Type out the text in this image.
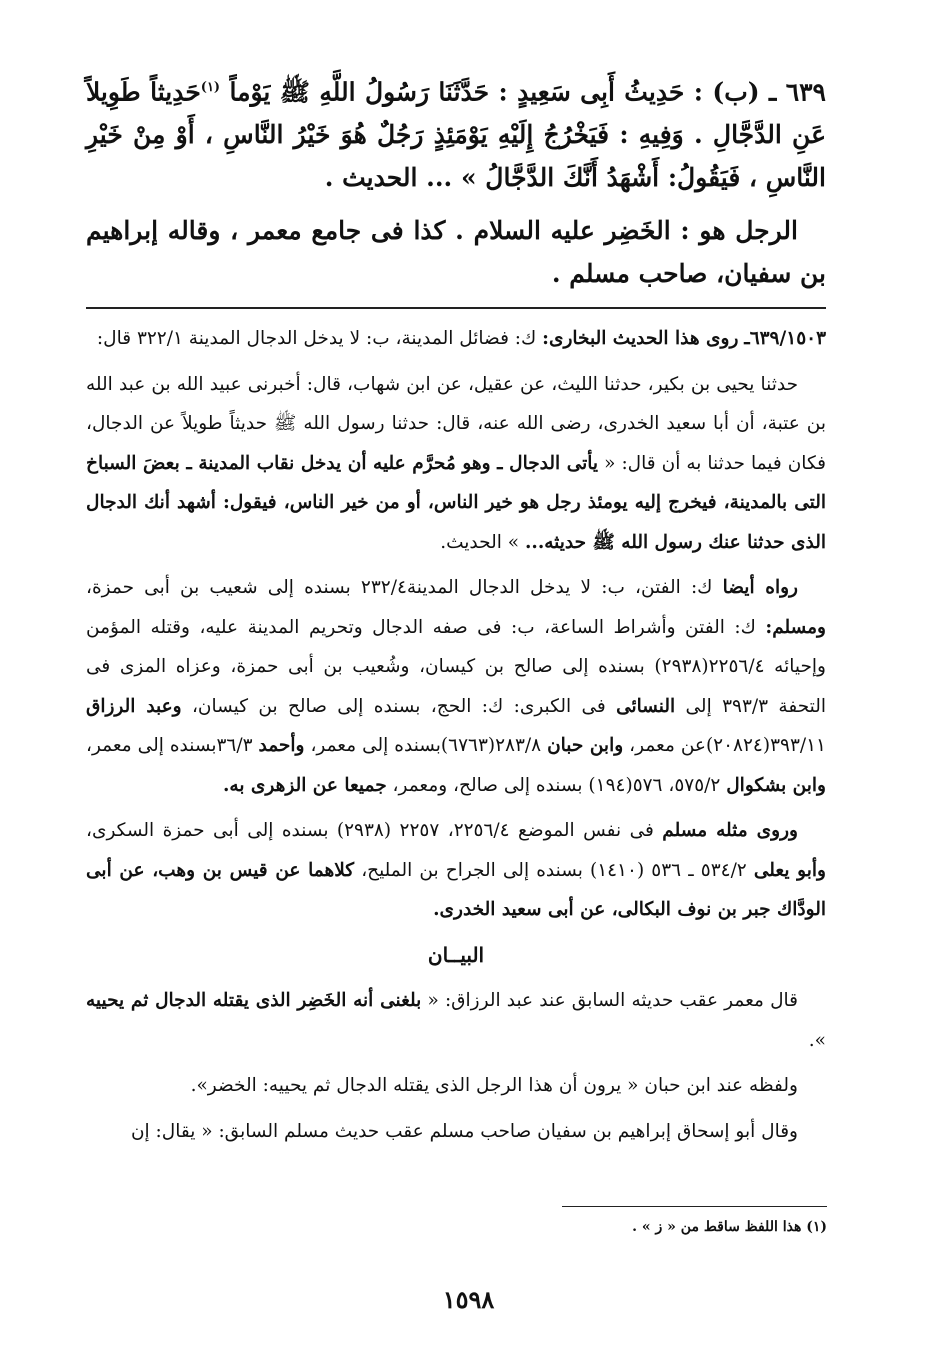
٦٣٩ ـ (ب) : حَدِيثُ أَبِى سَعِيدٍ : حَدَّثَنَا رَسُولُ اللَّهِ ﷺ يَوْماً $^{(١)}$حَدِيثاً طَوِيلاً عَنِ الدَّجَّالِ . وَفِيهِ : فَيَخْرُجُ إِلَيْهِ يَوْمَئِذٍ رَجُلٌ هُوَ خَيْرُ النَّاسِ ، أَوْ مِنْ خَيْرِ النَّاسِ ، فَيَقُولُ: أَشْهَدُ أَنَّكَ الدَّجَّالُ » ... الحديث .

الرجل هو : الخَضِر عليه السلام . كذا فى جامع معمر ، وقاله إبراهيم بن سفيان، صاحب مسلم .

٦٣٩/١٥٠٣ـ روى هذا الحديث البخارى: ك: فضائل المدينة، ب: لا يدخل الدجال المدينة ٣٢٢/١ قال:

حدثنا يحيى بن بكير، حدثنا الليث، عن عقيل، عن ابن شهاب، قال: أخبرنى عبيد الله بن عبد الله بن عتبة، أن أبا سعيد الخدرى، رضى الله عنه، قال: حدثنا رسول الله ﷺ حديثاً طويلاً عن الدجال، فكان فيما حدثنا به أن قال: « يأتى الدجال ـ وهو مُحرَّم عليه أن يدخل نقاب المدينة ـ بعضَ السباخ التى بالمدينة، فيخرج إليه يومئذ رجل هو خير الناس، أو من خير الناس، فيقول: أشهد أنك الدجال الذى حدثنا عنك رسول الله ﷺ حديثه... » الحديث.

رواه أيضا ك: الفتن، ب: لا يدخل الدجال المدينة٢٣٢/٤ بسنده إلى شعيب بن أبى حمزة، ومسلم: ك: الفتن وأشراط الساعة، ب: فى صفه الدجال وتحريم المدينة عليه، وقتله المؤمن وإحيائه ٢٢٥٦/٤(٢٩٣٨) بسنده إلى صالح بن كيسان، وشُعيب بن أبى حمزة، وعزاه المزى فى التحفة ٣٩٣/٣ إلى النسائى فى الكبرى: ك: الحج، بسنده إلى صالح بن كيسان، وعبد الرزاق ٣٩٣/١١(٢٠٨٢٤)عن معمر، وابن حبان ٢٨٣/٨(٦٧٦٣)بسنده إلى معمر، وأحمد ٣٦/٣بسنده إلى معمر، وابن بشكوال ٥٧٥/٢، ٥٧٦(١٩٤) بسنده إلى صالح، ومعمر، جميعا عن الزهرى به.

وروى مثله مسلم فى نفس الموضع ٢٢٥٦/٤، ٢٢٥٧ (٢٩٣٨) بسنده إلى أبى حمزة السكرى، وأبو يعلى ٥٣٤/٢ ـ ٥٣٦ (١٤١٠) بسنده إلى الجراح بن المليح، كلاهما عن قيس بن وهب، عن أبى الودَّاك جبر بن نوف البكالى، عن أبى سعيد الخدرى.

البيــان

قال معمر عقب حديثه السابق عند عبد الرزاق: « بلغنى أنه الخَضِر الذى يقتله الدجال ثم يحييه ».

ولفظه عند ابن حبان « يرون أن هذا الرجل الذى يقتله الدجال ثم يحييه: الخضر».

وقال أبو إسحاق إبراهيم بن سفيان صاحب مسلم عقب حديث مسلم السابق: « يقال: إن

(١) هذا اللفظ ساقط من « ز » .
١٥٩٨
